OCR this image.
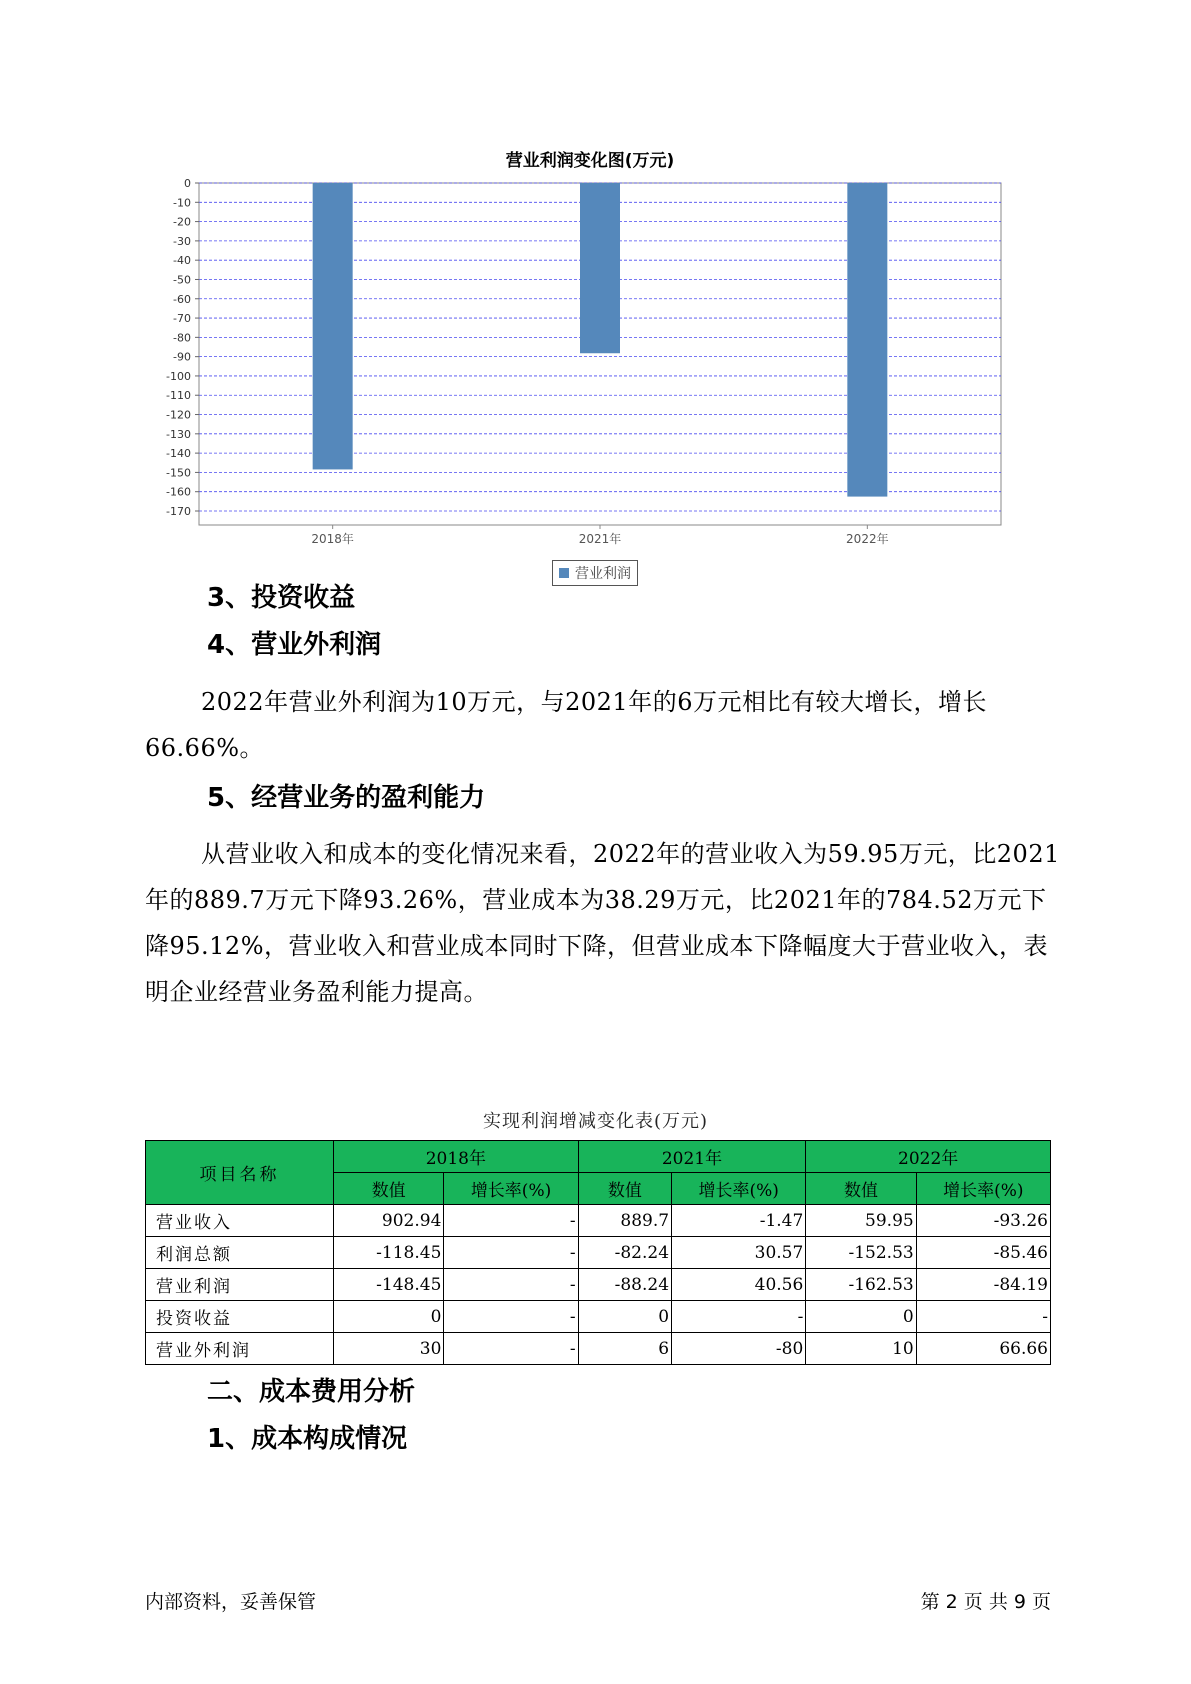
营业利润变化图(万元)
0
-10
-20
-30
-40
-50
-60
-70
-80
-90
-100
-110
-120
-130
-140
-150
-160
-170
2018年	2021年	2022年
营业利润
3、投资收益
4、营业外利润

2022年营业外利润为10万元，与2021年的6万元相比有较大增长，增长66.66%。

5、经营业务的盈利能力

从营业收入和成本的变化情况来看，2022年的营业收入为59.95万元，比2021年的889.7万元下降93.26%，营业成本为38.29万元，比2021年的784.52万元下降95.12%，营业收入和营业成本同时下降，但营业成本下降幅度大于营业收入，表明企业经营业务盈利能力提高。

实现利润增减变化表(万元)
项目名称	2018年		2021年		2022年	
	数值	增长率(%)	数值	增长率(%)	数值	增长率(%)
营业收入	902.94	-	889.7	-1.47	59.95	-93.26
利润总额	-118.45	-	-82.24	30.57	-152.53	-85.46
营业利润	-148.45	-	-88.24	40.56	-162.53	-84.19
投资收益	0	-	0	-	0	-
营业外利润	30	-	6	-80	10	66.66
内部资料，妥善保管	第 2 页 共 9 页
二、成本费用分析
1、成本构成情况
